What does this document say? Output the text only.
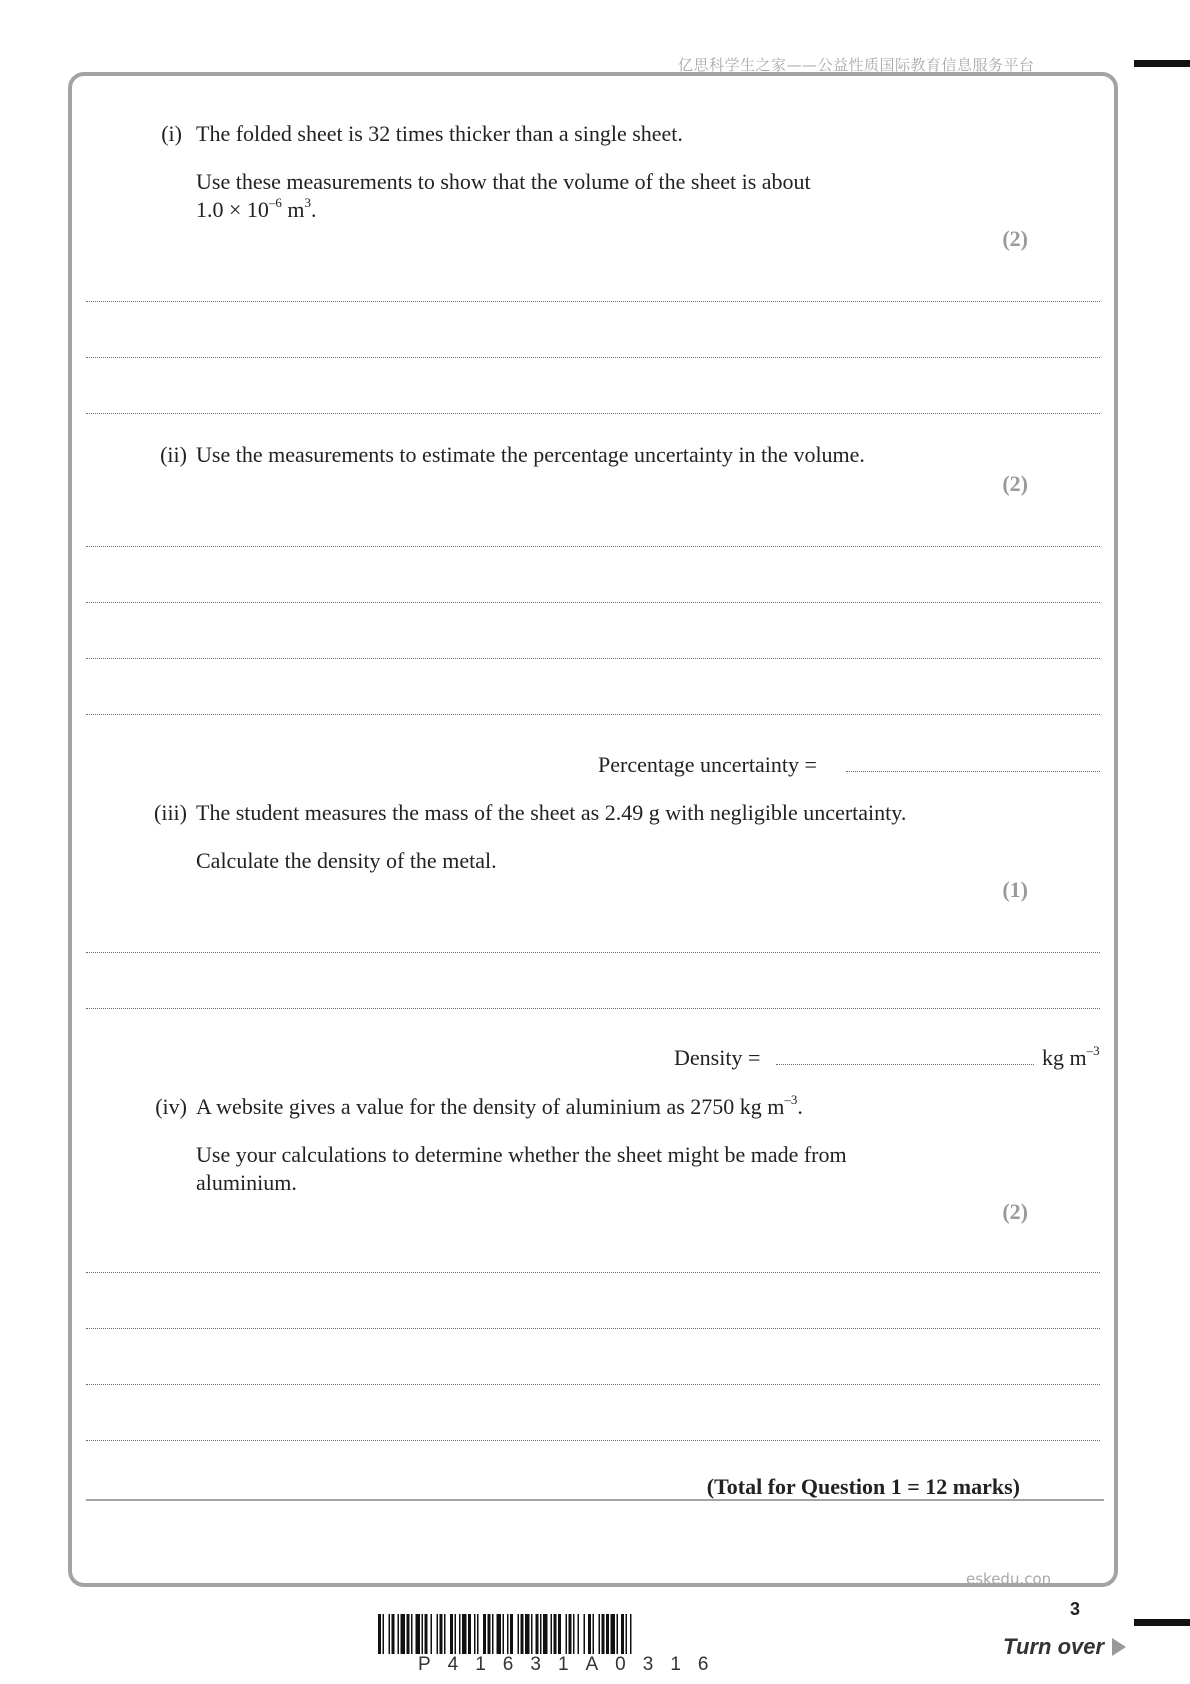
亿思科学生之家——公益性质国际教育信息服务平台
(i) The folded sheet is 32 times thicker than a single sheet.
Use these measurements to show that the volume of the sheet is about
$1.0 \times 10^{-6}$ $m^3$.
(2)
(ii) Use the measurements to estimate the percentage uncertainty in the volume.
(2)
Percentage uncertainty =
(iii) The student measures the mass of the sheet as 2.49 g with negligible uncertainty.
Calculate the density of the metal.
(1)
Density =	kg $m^{-3}$
(iv) A website gives a value for the density of aluminium as 2750 kg $m^{-3}$.
Use your calculations to determine whether the sheet might be made from
aluminium.
(2)
(Total for Question 1 = 12 marks)
eskedu.con
3
Turn over
P41631A0316
